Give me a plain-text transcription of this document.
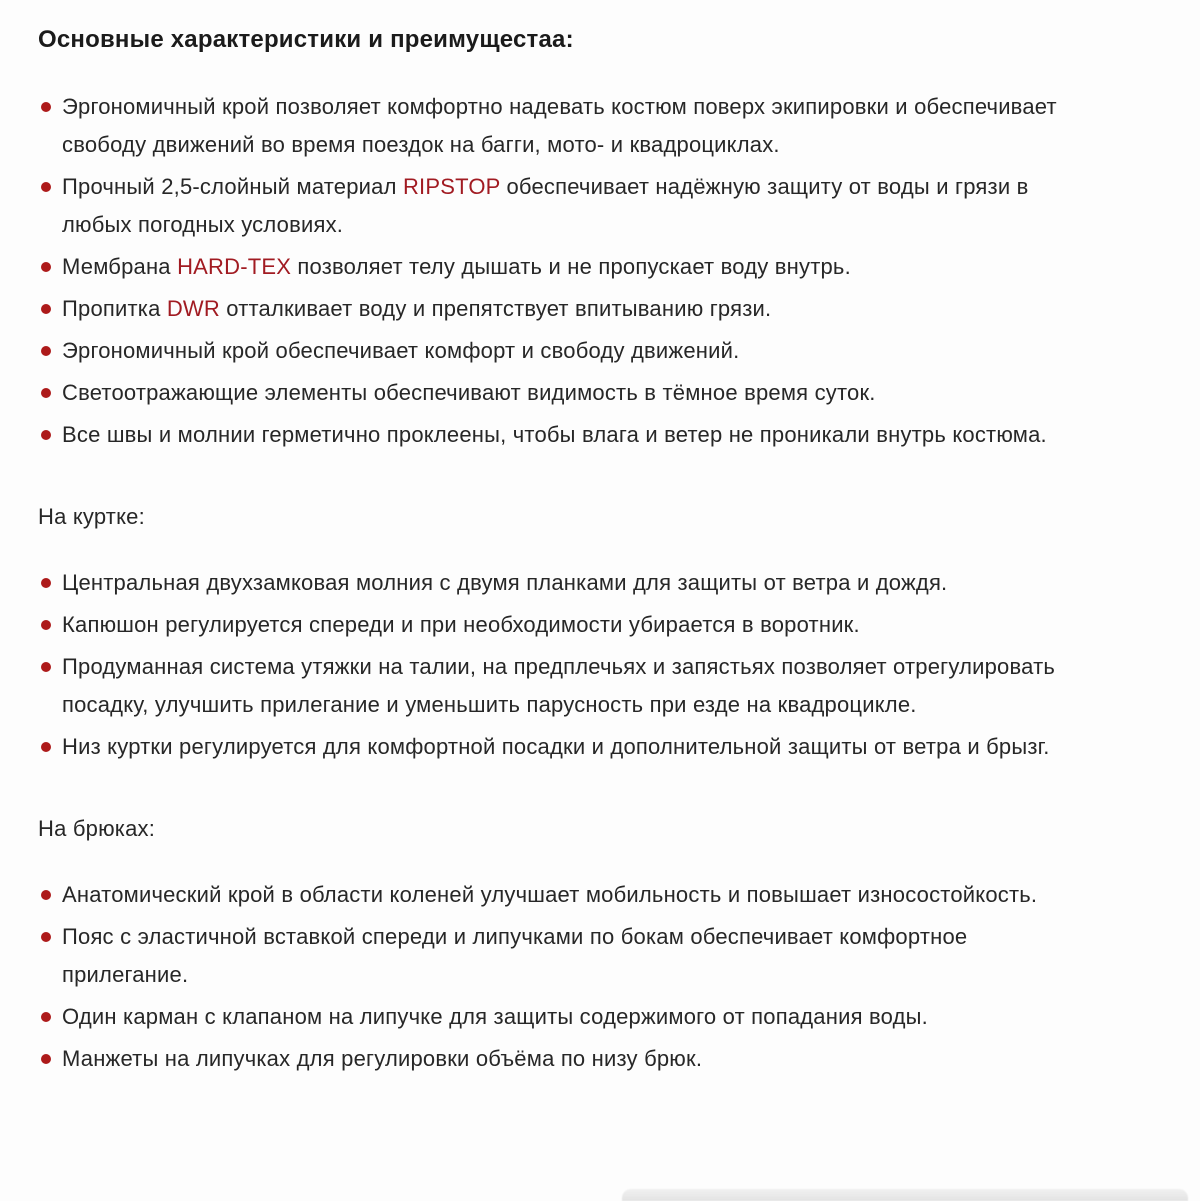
Основные характеристики и преимущестаа:
Эргономичный крой позволяет комфортно надевать костюм поверх экипировки и обеспечивает свободу движений во время поездок на багги, мото- и квадроциклах.
Прочный 2,5-слойный материал RIPSTOP обеспечивает надёжную защиту от воды и грязи в любых погодных условиях.
Мембрана HARD-TEX позволяет телу дышать и не пропускает воду внутрь.
Пропитка DWR отталкивает воду и препятствует впитыванию грязи.
Эргономичный крой обеспечивает комфорт и свободу движений.
Светоотражающие элементы обеспечивают видимость в тёмное время суток.
Все швы и молнии герметично проклеены, чтобы влага и ветер не проникали внутрь костюма.
На куртке:
Центральная двухзамковая молния с двумя планками для защиты от ветра и дождя.
Капюшон регулируется спереди и при необходимости убирается в воротник.
Продуманная система утяжки на талии, на предплечьях и запястьях позволяет отрегулировать посадку, улучшить прилегание и уменьшить парусность при езде на квадроцикле.
Низ куртки регулируется для комфортной посадки и дополнительной защиты от ветра и брызг.
На брюках:
Анатомический крой в области коленей улучшает мобильность и повышает износостойкость.
Пояс с эластичной вставкой спереди и липучками по бокам обеспечивает комфортное прилегание.
Один карман с клапаном на липучке для защиты содержимого от попадания воды.
Манжеты на липучках для регулировки объёма по низу брюк.
